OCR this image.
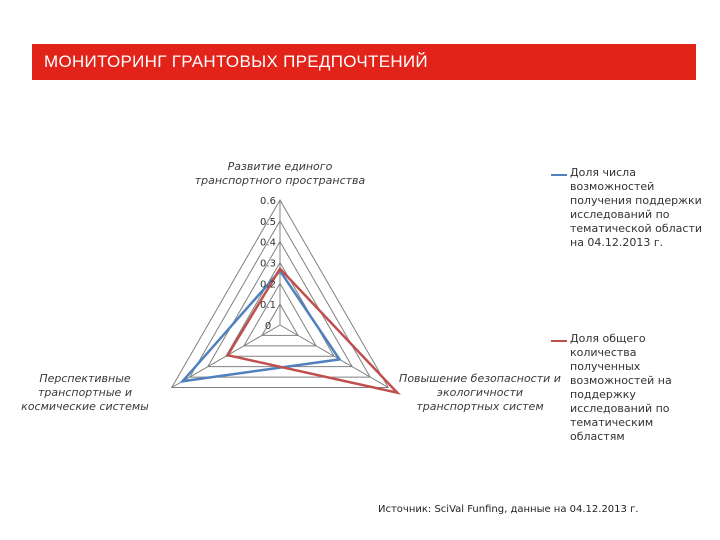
МОНИТОРИНГ ГРАНТОВЫХ ПРЕДПОЧТЕНИЙ
0
0.1
0.2
0.3
0.4
0.5
0.6
Развитие единого транспортного пространства
Повышение безопасности и экологичности транспортных систем
Перспективные транспортные и космические системы
Доля числа возможностей получения поддержки исследований по тематической области на 04.12.2013 г.
Доля общего количества полученных возможностей на поддержку исследований по тематическим областям
Источник: SciVal Funfing, данные на 04.12.2013 г.
